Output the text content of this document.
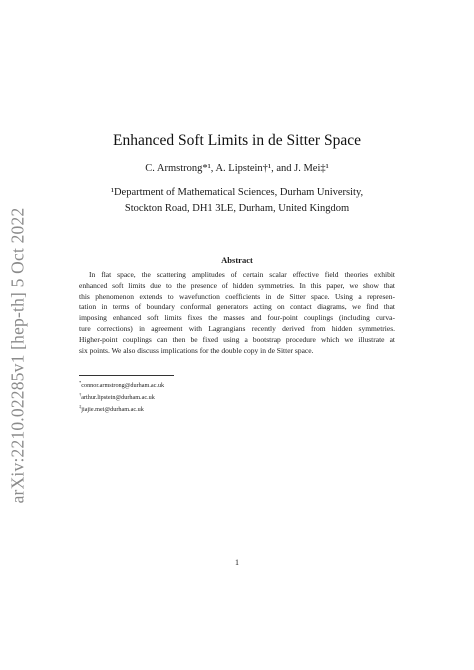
arXiv:2210.02285v1 [hep-th] 5 Oct 2022
Enhanced Soft Limits in de Sitter Space
C. Armstrong*¹, A. Lipstein†¹, and J. Mei‡¹
¹Department of Mathematical Sciences, Durham University,
Stockton Road, DH1 3LE, Durham, United Kingdom
Abstract
In flat space, the scattering amplitudes of certain scalar effective field theories exhibit
enhanced soft limits due to the presence of hidden symmetries. In this paper, we show that
this phenomenon extends to wavefunction coefficients in de Sitter space. Using a represen-
tation in terms of boundary conformal generators acting on contact diagrams, we find that
imposing enhanced soft limits fixes the masses and four-point couplings (including curva-
ture corrections) in agreement with Lagrangians recently derived from hidden symmetries.
Higher-point couplings can then be fixed using a bootstrap procedure which we illustrate at
six points. We also discuss implications for the double copy in de Sitter space.
*connor.armstrong@durham.ac.uk
†arthur.lipstein@durham.ac.uk
‡jiajie.mei@durham.ac.uk
1
